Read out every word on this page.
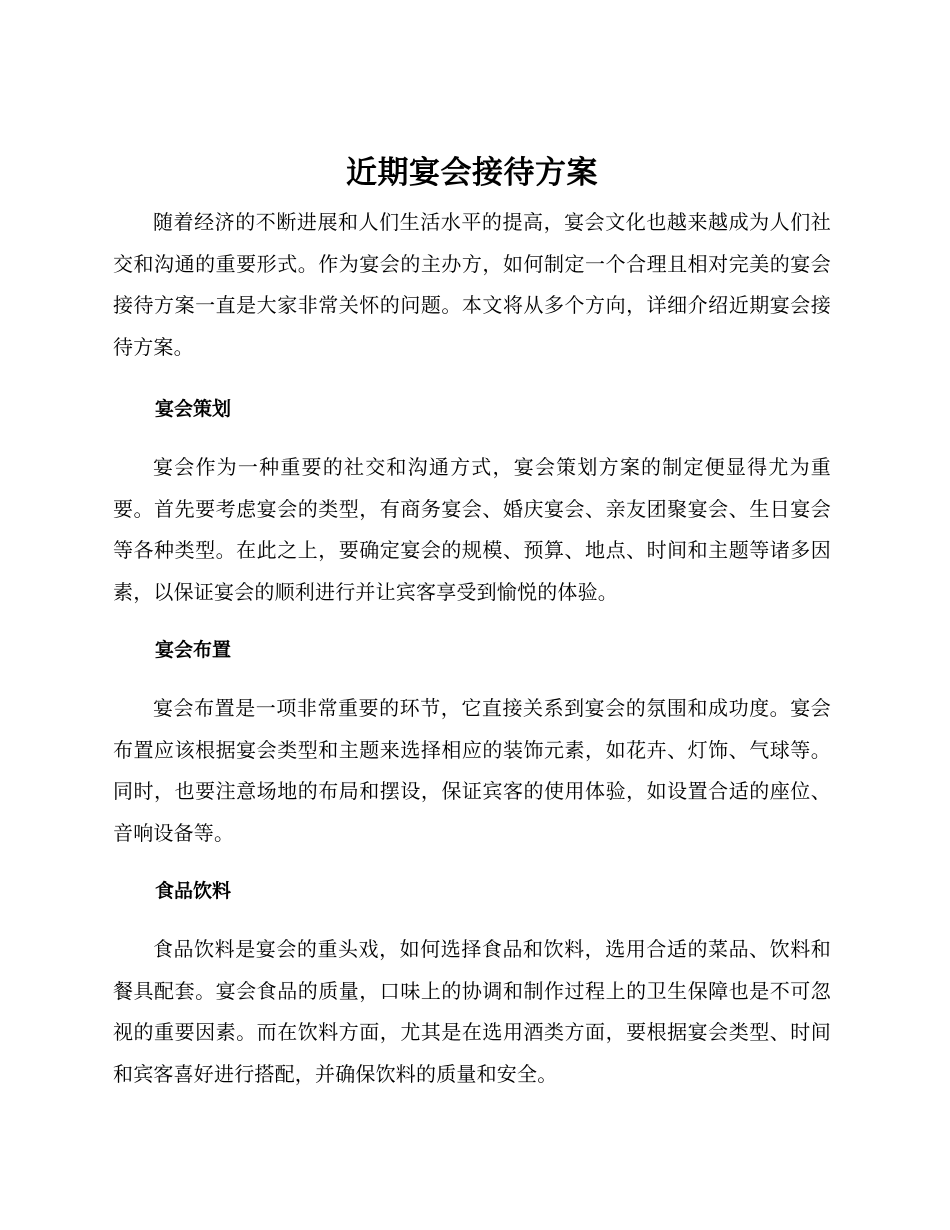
近期宴会接待方案

随着经济的不断进展和人们生活水平的提高，宴会文化也越来越成为人们社交和沟通的重要形式。作为宴会的主办方，如何制定一个合理且相对完美的宴会接待方案一直是大家非常关怀的问题。本文将从多个方向，详细介绍近期宴会接待方案。

宴会策划

宴会作为一种重要的社交和沟通方式，宴会策划方案的制定便显得尤为重要。首先要考虑宴会的类型，有商务宴会、婚庆宴会、亲友团聚宴会、生日宴会等各种类型。在此之上，要确定宴会的规模、预算、地点、时间和主题等诸多因素，以保证宴会的顺利进行并让宾客享受到愉悦的体验。

宴会布置

宴会布置是一项非常重要的环节，它直接关系到宴会的氛围和成功度。宴会布置应该根据宴会类型和主题来选择相应的装饰元素，如花卉、灯饰、气球等。同时，也要注意场地的布局和摆设，保证宾客的使用体验，如设置合适的座位、音响设备等。

食品饮料

食品饮料是宴会的重头戏，如何选择食品和饮料，选用合适的菜品、饮料和餐具配套。宴会食品的质量，口味上的协调和制作过程上的卫生保障也是不可忽视的重要因素。而在饮料方面，尤其是在选用酒类方面，要根据宴会类型、时间和宾客喜好进行搭配，并确保饮料的质量和安全。
